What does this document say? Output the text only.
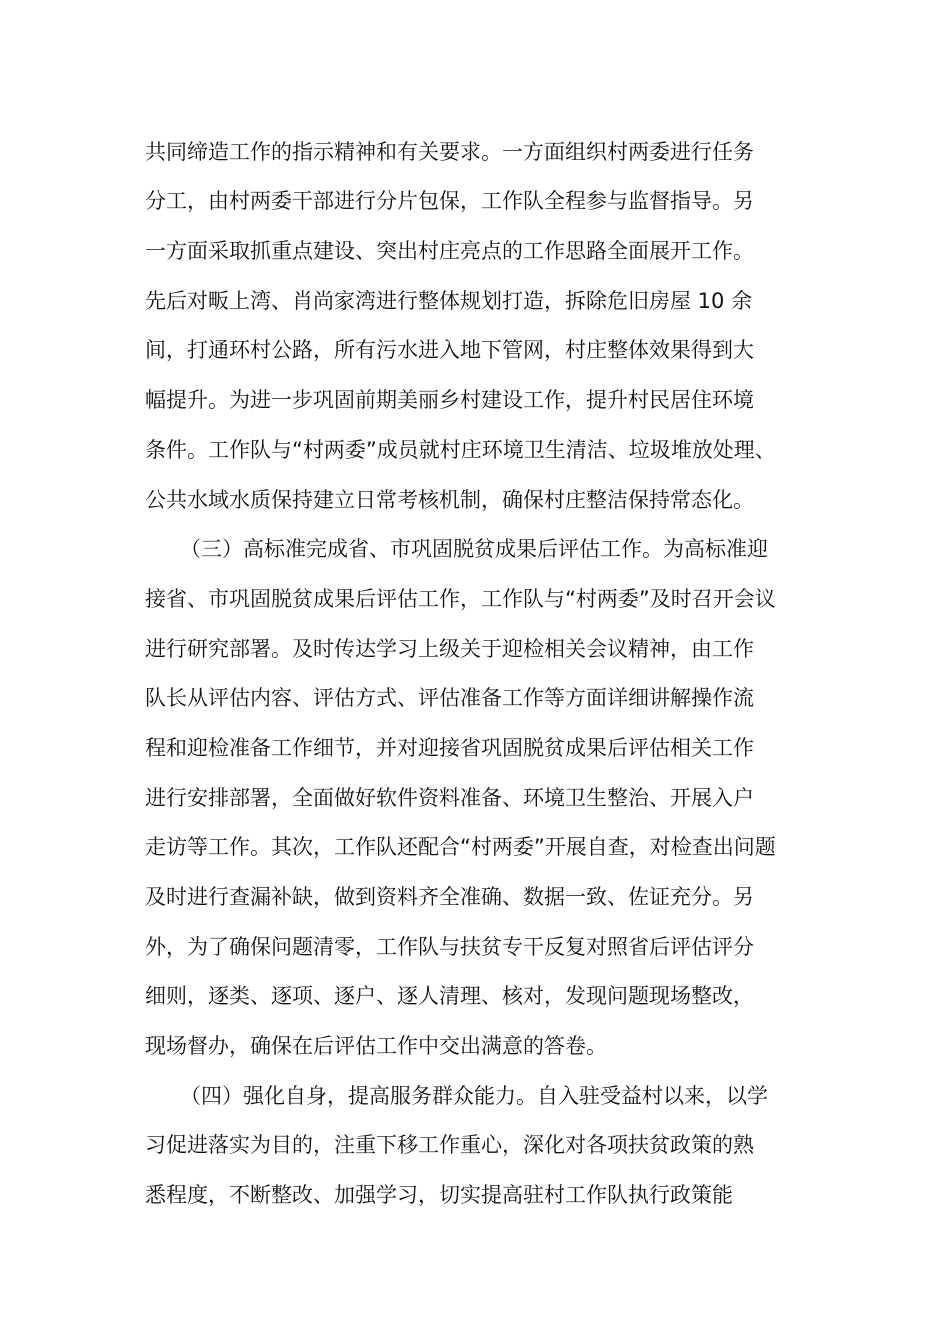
共同缔造工作的指示精神和有关要求。一方面组织村两委进行任务
分工，由村两委干部进行分片包保，工作队全程参与监督指导。另
一方面采取抓重点建设、突出村庄亮点的工作思路全面展开工作。
先后对畈上湾、肖尚家湾进行整体规划打造，拆除危旧房屋 10 余
间，打通环村公路，所有污水进入地下管网，村庄整体效果得到大
幅提升。为进一步巩固前期美丽乡村建设工作，提升村民居住环境
条件。工作队与“村两委”成员就村庄环境卫生清洁、垃圾堆放处理、
公共水域水质保持建立日常考核机制，确保村庄整洁保持常态化。
（三）高标准完成省、市巩固脱贫成果后评估工作。为高标准迎
接省、市巩固脱贫成果后评估工作，工作队与“村两委”及时召开会议
进行研究部署。及时传达学习上级关于迎检相关会议精神，由工作
队长从评估内容、评估方式、评估准备工作等方面详细讲解操作流
程和迎检准备工作细节，并对迎接省巩固脱贫成果后评估相关工作
进行安排部署，全面做好软件资料准备、环境卫生整治、开展入户
走访等工作。其次，工作队还配合“村两委”开展自查，对检查出问题
及时进行查漏补缺，做到资料齐全准确、数据一致、佐证充分。另
外，为了确保问题清零，工作队与扶贫专干反复对照省后评估评分
细则，逐类、逐项、逐户、逐人清理、核对，发现问题现场整改，
现场督办，确保在后评估工作中交出满意的答卷。
（四）强化自身，提高服务群众能力。自入驻受益村以来，以学
习促进落实为目的，注重下移工作重心，深化对各项扶贫政策的熟
悉程度，不断整改、加强学习，切实提高驻村工作队执行政策能
